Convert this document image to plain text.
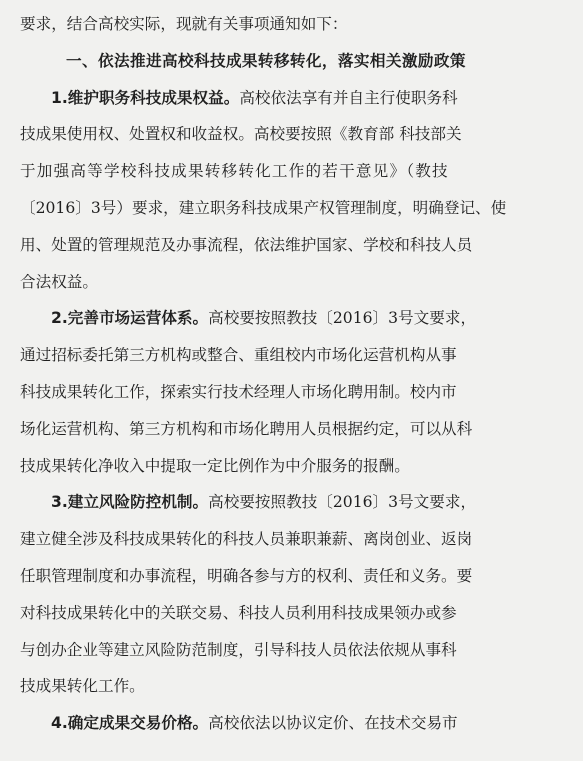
要求，结合高校实际，现就有关事项通知如下：
一、依法推进高校科技成果转移转化，落实相关激励政策
1.维护职务科技成果权益。高校依法享有并自主行使职务科
技成果使用权、处置权和收益权。高校要按照《教育部 科技部关
于加强高等学校科技成果转移转化工作的若干意见》（教技
〔2016〕3号）要求，建立职务科技成果产权管理制度，明确登记、使
用、处置的管理规范及办事流程，依法维护国家、学校和科技人员
合法权益。
2.完善市场运营体系。高校要按照教技〔2016〕3号文要求，
通过招标委托第三方机构或整合、重组校内市场化运营机构从事
科技成果转化工作，探索实行技术经理人市场化聘用制。校内市
场化运营机构、第三方机构和市场化聘用人员根据约定，可以从科
技成果转化净收入中提取一定比例作为中介服务的报酬。
3.建立风险防控机制。高校要按照教技〔2016〕3号文要求，
建立健全涉及科技成果转化的科技人员兼职兼薪、离岗创业、返岗
任职管理制度和办事流程，明确各参与方的权利、责任和义务。要
对科技成果转化中的关联交易、科技人员利用科技成果领办或参
与创办企业等建立风险防范制度，引导科技人员依法依规从事科
技成果转化工作。
4.确定成果交易价格。高校依法以协议定价、在技术交易市
